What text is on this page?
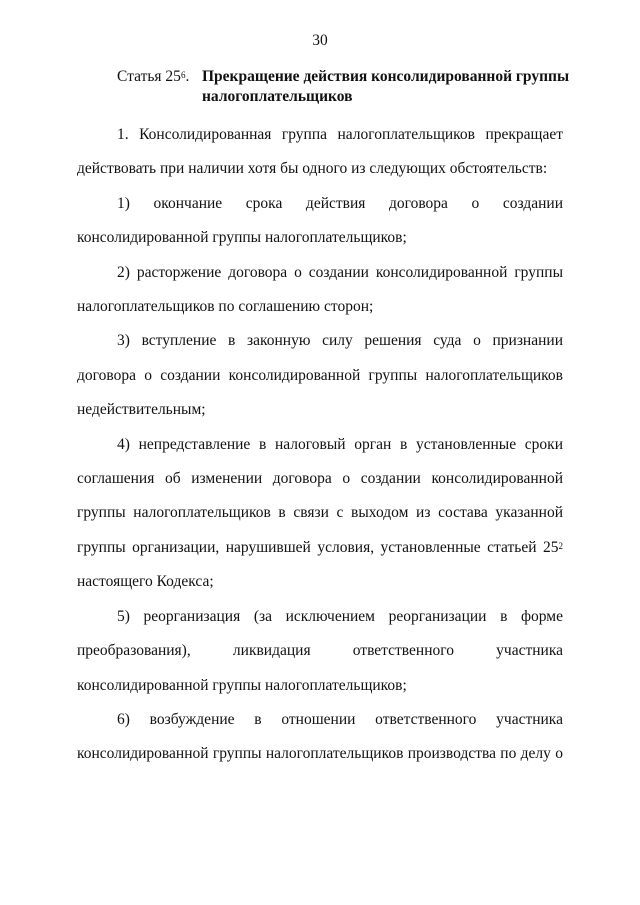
30
Статья $25^6$. Прекращение действия консолидированной группы налогоплательщиков

1. Консолидированная группа налогоплательщиков прекращает действовать при наличии хотя бы одного из следующих обстоятельств:

1) окончание срока действия договора о создании консолидированной группы налогоплательщиков;

2) расторжение договора о создании консолидированной группы налогоплательщиков по соглашению сторон;

3) вступление в законную силу решения суда о признании договора о создании консолидированной группы налогоплательщиков недействительным;

4) непредставление в налоговый орган в установленные сроки соглашения об изменении договора о создании консолидированной группы налогоплательщиков в связи с выходом из состава указанной группы организации, нарушившей условия, установленные статьей $25^2$ настоящего Кодекса;

5) реорганизация (за исключением реорганизации в форме преобразования), ликвидация ответственного участника консолидированной группы налогоплательщиков;

6) возбуждение в отношении ответственного участника консолидированной группы налогоплательщиков производства по делу о
